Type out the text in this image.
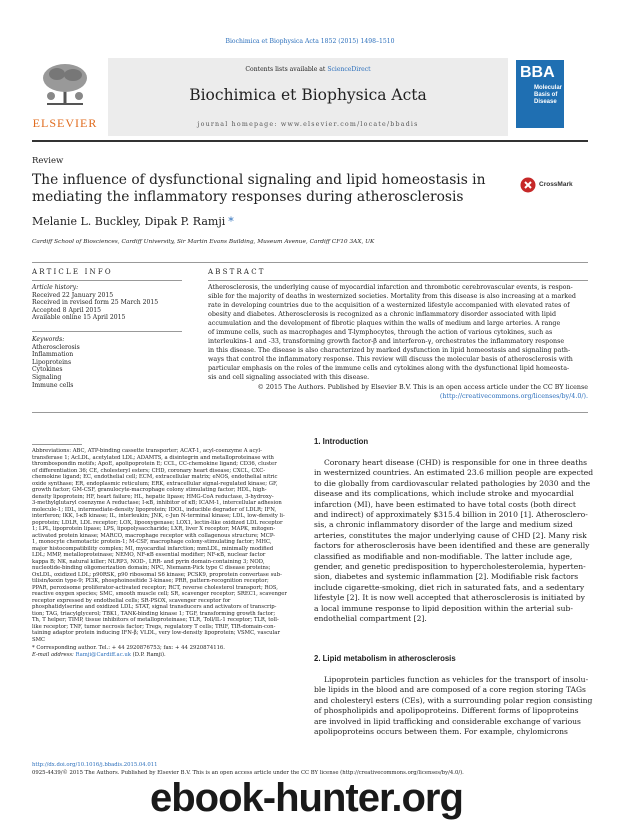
Biochimica et Biophysica Acta 1852 (2015) 1498–1510
ELSEVIER
Contents lists available at ScienceDirect
Biochimica et Biophysica Acta
journal homepage: www.elsevier.com/locate/bbadis
BBA
Molecular
Basis of
Disease
Review
The influence of dysfunctional signaling and lipid homeostasis in
mediating the inflammatory responses during atherosclerosis
CrossMark
Melanie L. Buckley, Dipak P. Ramji *
Cardiff School of Biosciences, Cardiff University, Sir Martin Evans Building, Museum Avenue, Cardiff CF10 3AX, UK
ARTICLE INFO
Article history:
Received 22 January 2015
Received in revised form 25 March 2015
Accepted 8 April 2015
Available online 15 April 2015
Keywords:
Atherosclerosis
Inflammation
Lipoproteins
Cytokines
Signaling
Immune cells
ABSTRACT
Atherosclerosis, the underlying cause of myocardial infarction and thrombotic cerebrovascular events, is respon-
sible for the majority of deaths in westernized societies. Mortality from this disease is also increasing at a marked
rate in developing countries due to the acquisition of a westernized lifestyle accompanied with elevated rates of
obesity and diabetes. Atherosclerosis is recognized as a chronic inflammatory disorder associated with lipid
accumulation and the development of fibrotic plaques within the walls of medium and large arteries. A range
of immune cells, such as macrophages and T-lymphocytes, through the action of various cytokines, such as
interleukins-1 and -33, transforming growth factor-β and interferon-γ, orchestrates the inflammatory response
in this disease. The disease is also characterized by marked dysfunction in lipid homeostasis and signaling path-
ways that control the inflammatory response. This review will discuss the molecular basis of atherosclerosis with
particular emphasis on the roles of the immune cells and cytokines along with the dysfunctional lipid homeosta-
sis and cell signaling associated with this disease.
© 2015 The Authors. Published by Elsevier B.V. This is an open access article under the CC BY license
(http://creativecommons.org/licenses/by/4.0/).
Abbreviations: ABC, ATP-binding cassette transporter; ACAT-1, acyl-coenzyme A acyl-
transferase 1; AcLDL, acetylated LDL; ADAMTS, a disintegrin and metalloproteinase with
thrombospondin motifs; ApoE, apolipoprotein E; CCL, CC-chemokine ligand; CD36, cluster
of differentiation 36; CE, cholesteryl esters; CHD, coronary heart disease; CXCL, CXC-
chemokine ligand; EC, endothelial cell; ECM, extracellular matrix; eNOS, endothelial nitric
oxide synthase; ER, endoplasmic reticulum; ERK, extracellular signal-regulated kinase; GF,
growth factor; GM-CSF, granulocyte-macrophage colony stimulating factor; HDL, high-
density lipoprotein; HF, heart failure; HL, hepatic lipase; HMG-CoA reductase, 3-hydroxy-
3-methylglutaryl coenzyme A reductase; I-κB, inhibitor of κB; ICAM-1, intercellular adhesion
molecule-1; IDL, intermediate-density lipoprotein; IDOL, inducible degrader of LDLR; IFN,
interferon; IKK, I-κB kinase; IL, interleukin; JNK, c-Jun N-terminal kinase; LDL, low-density li-
poprotein; LDLR, LDL receptor; LOX, lipooxygenase; LOX1, lectin-like oxidized LDL receptor
1; LPL, lipoprotein lipase; LPS, lipopolysaccharide; LXR, liver X receptor; MAPK, mitogen-
activated protein kinase; MARCO, macrophage receptor with collagenous structure; MCP-
1, monocyte chemotactic protein-1; M-CSF, macrophage colony-stimulating factor; MHC,
major histocompatibility complex; MI, myocardial infarction; mmLDL, minimally modified
LDL; MMP, metalloproteinase; NEMO, NF-κB essential modifier; NF-κB, nuclear factor
kappa B; NK, natural killer; NLRP3, NOD-, LRR- and pyrin domain-containing 3; NOD,
nucleotide-binding oligomerization domain; NPC, Niemann-Pick type C disease proteins;
OxLDL, oxidized LDL; p90RSK, p90 ribosomal S6 kinase; PCSK9, proprotein convertase sub-
tilisin/kexin type-9; PI3K, phosphoinositide 3-kinase; PRR, pattern-recognition receptor;
PPAR, peroxisome proliferator-activated receptor; RCT, reverse cholesterol transport; ROS,
reactive oxygen species; SMC, smooth muscle cell; SR, scavenger receptor; SREC1, scavenger
receptor expressed by endothelial cells; SR-PSOX, scavenger receptor for
phosphatidylserine and oxidized LDL; STAT, signal transducers and activators of transcrip-
tion; TAG, triacylglycerol; TBK1, TANK-binding kinase 1; TGF, transforming growth factor;
Th, T helper; TIMP, tissue inhibitors of metalloproteinase; TLR, Toll/IL-1 receptor; TLR, toll-
like receptor; TNF, tumor necrosis factor; Tregs, regulatory T cells; TRIF, TIR-domain-con-
taining adaptor protein inducing IFN-β; VLDL, very low-density lipoprotein; VSMC, vascular
SMC
* Corresponding author. Tel.: + 44 2920876753; fax: + 44 2920874116.
E-mail address: Ramji@Cardiff.ac.uk (D.P. Ramji).
1. Introduction
Coronary heart disease (CHD) is responsible for one in three deaths
in westernized countries. An estimated 23.6 million people are expected
to die globally from cardiovascular related pathologies by 2030 and the
disease and its complications, which include stroke and myocardial
infarction (MI), have been estimated to have total costs (both direct
and indirect) of approximately $315.4 billion in 2010 [1]. Atherosclero-
sis, a chronic inflammatory disorder of the large and medium sized
arteries, constitutes the major underlying cause of CHD [2]. Many risk
factors for atherosclerosis have been identified and these are generally
classified as modifiable and non-modifiable. The latter include age,
gender, and genetic predisposition to hypercholesterolemia, hyperten-
sion, diabetes and systemic inflammation [2]. Modifiable risk factors
include cigarette-smoking, diet rich in saturated fats, and a sedentary
lifestyle [2]. It is now well accepted that atherosclerosis is initiated by
a local immune response to lipid deposition within the arterial sub-
endothelial compartment [2].
2. Lipid metabolism in atherosclerosis
Lipoprotein particles function as vehicles for the transport of insolu-
ble lipids in the blood and are composed of a core region storing TAGs
and cholesteryl esters (CEs), with a surrounding polar region consisting
of phospholipids and apolipoproteins. Different forms of lipoproteins
are involved in lipid trafficking and considerable exchange of various
apolipoproteins occurs between them. For example, chylomicrons
http://dx.doi.org/10.1016/j.bbadis.2015.04.011
0925-4439/© 2015 The Authors. Published by Elsevier B.V. This is an open access article under the CC BY license (http://creativecommons.org/licenses/by/4.0/).
ebook-hunter.org
